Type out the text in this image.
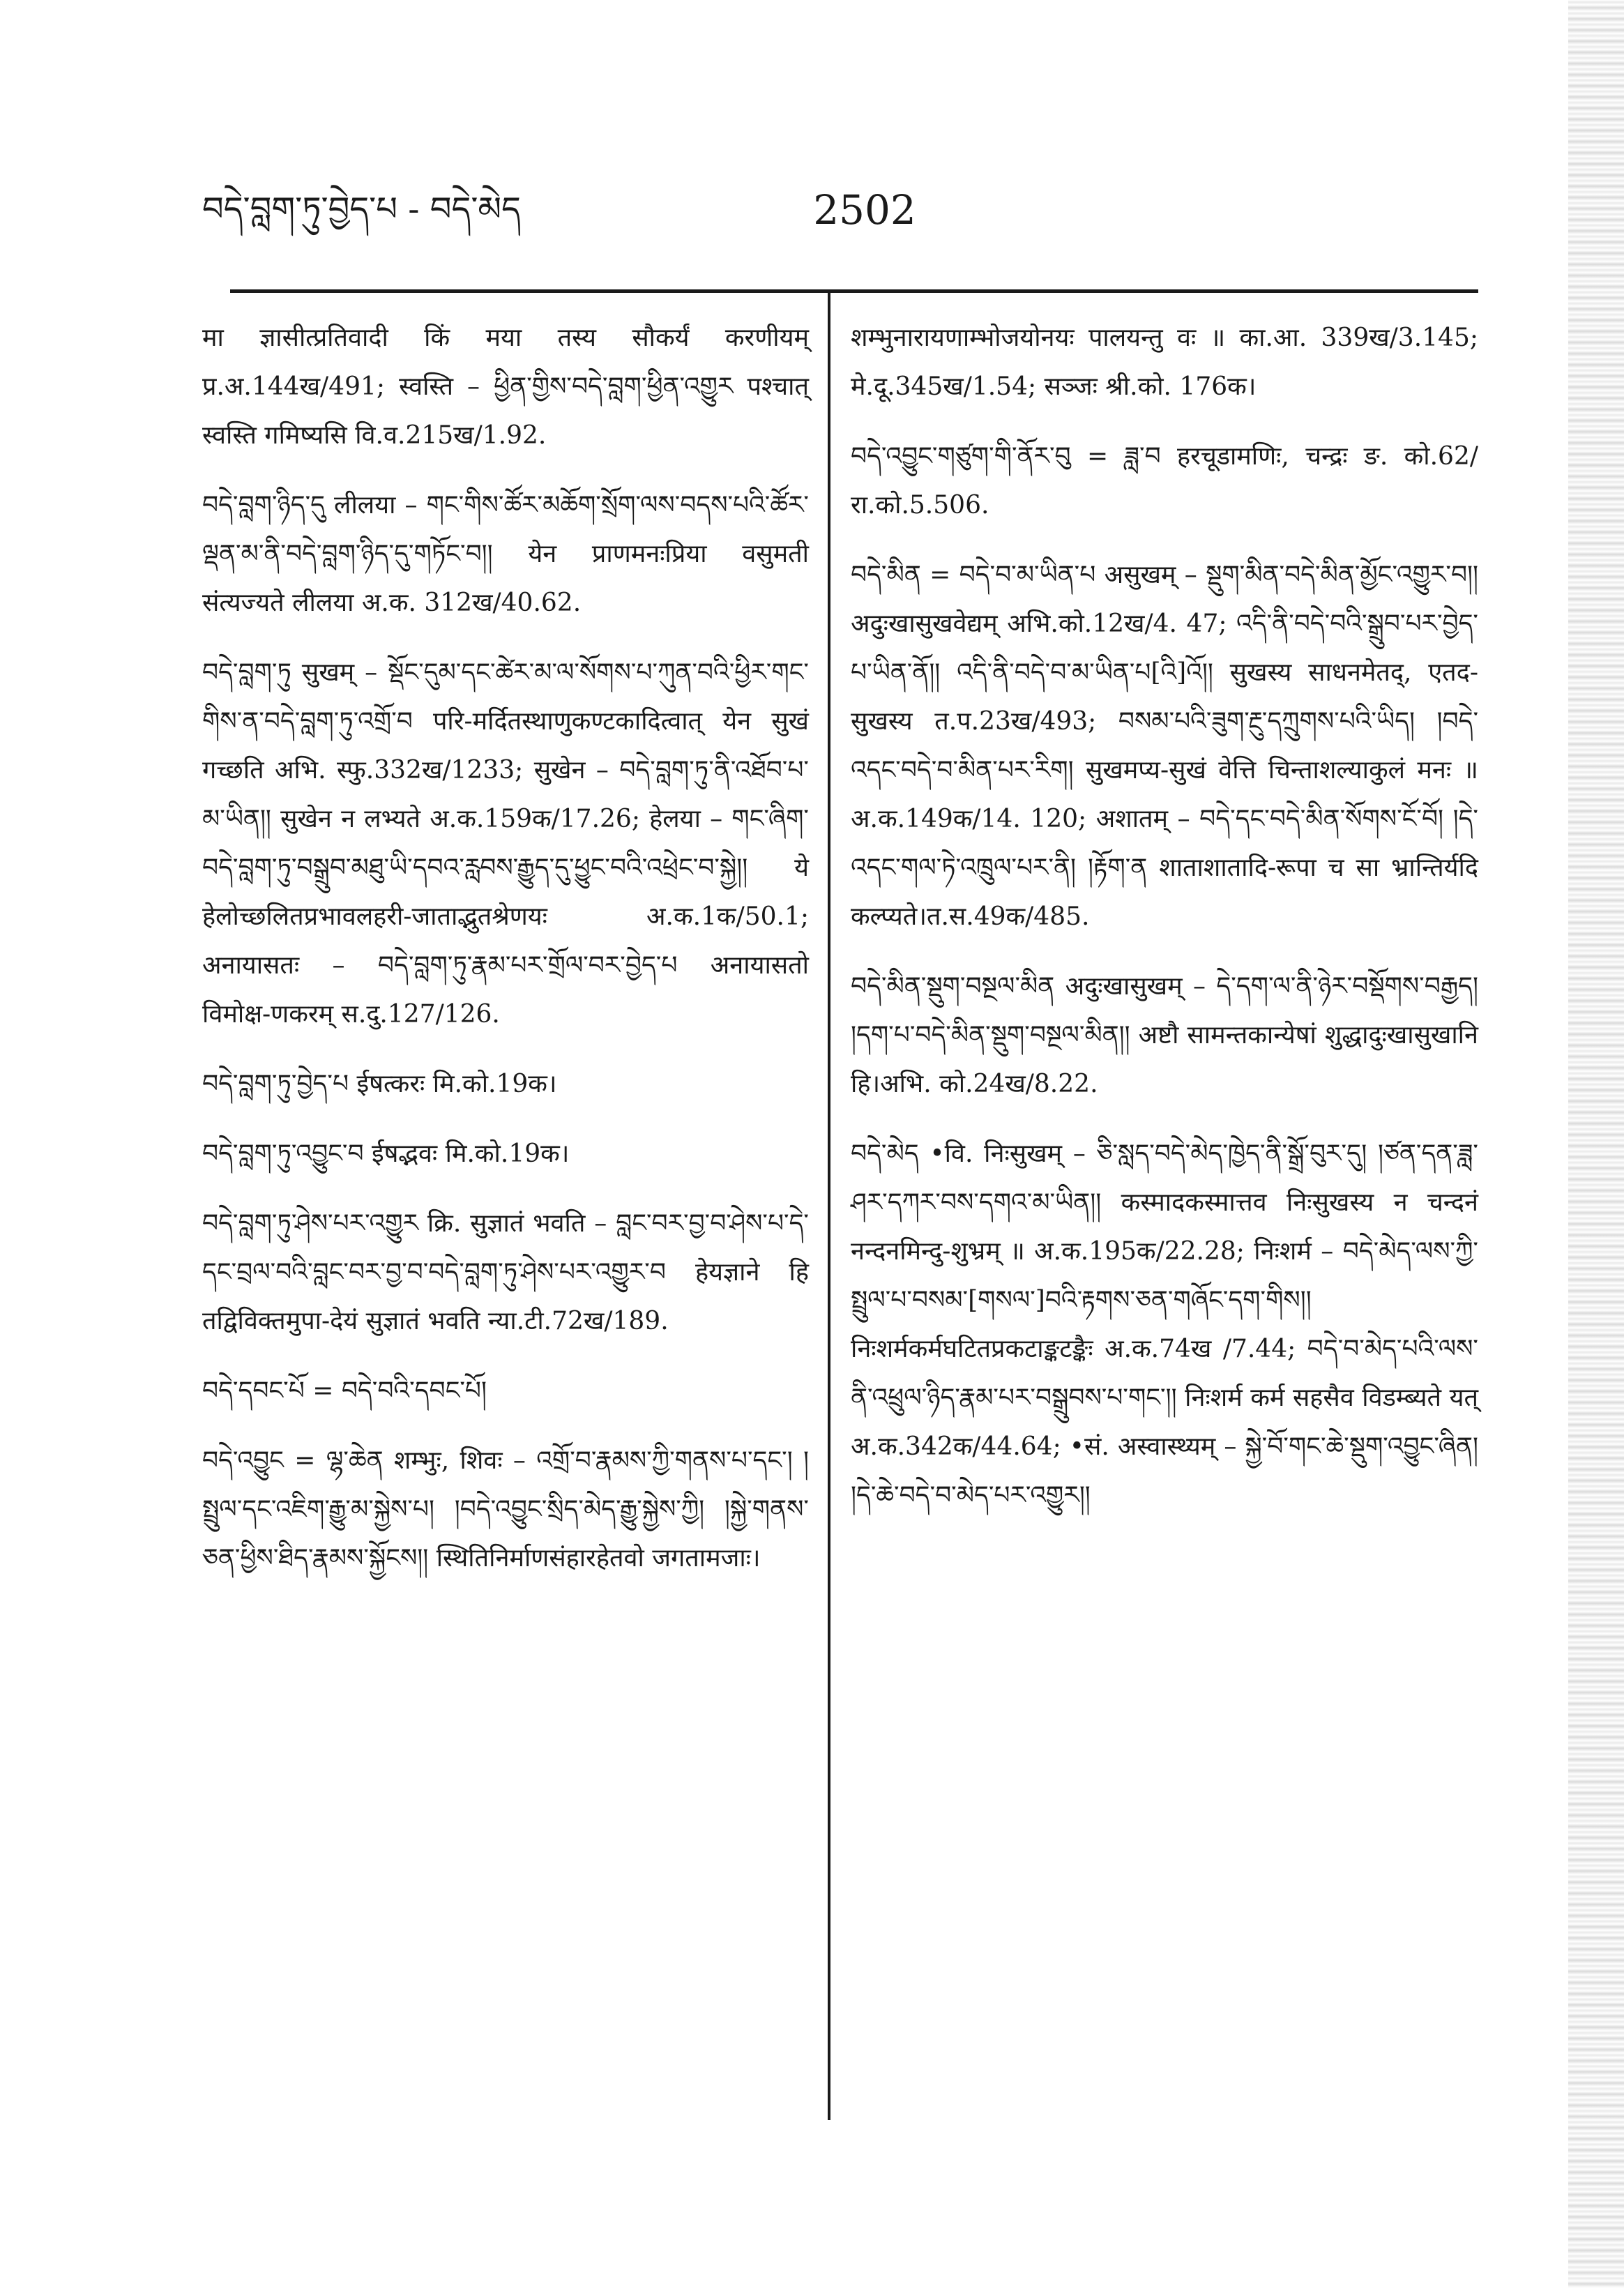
བདེ་བླག་ཏུ་བྱེད་པ - བདེ་མེད	2502

मा ज्ञासीत्प्रतिवादी किं मया तस्य सौकर्यं करणीयम् प्र.अ.144ख/491; स्वस्ति – ཕྱིན་གྱིས་བདེ་བླག་ཕྱིན་འགྱུར पश्चात् स्वस्ति गमिष्यसि वि.व.215ख/1.92.

བདེ་བླག་ཉིད་དུ लीलया – གང་གིས་ཚོར་མཆོག་སྲོག་ལས་བདས་པའི་ཚོར་ལྡན་མ་ནི་བདེ་བླག་ཉིད་དུ་གཏོང་བ།། येन प्राणमनःप्रिया वसुमती संत्यज्यते लीलया अ.क. 312ख/40.62.

བདེ་བླག་ཏུ सुखम् – སྡོང་དུམ་དང་ཚེར་མ་ལ་སོགས་པ་ཀུན་བའི་ཕྱིར་གང་གིས་ན་བདེ་བླག་ཏུ་འགྲོ་བ परि-मर्दितस्थाणुकण्टकादित्वात् येन सुखं गच्छति अभि. स्फु.332ख/1233; सुखेन – བདེ་བླག་ཏུ་ནི་འཐོབ་པ་མ་ཡིན།། सुखेन न लभ्यते अ.क.159क/17.26; हेलया – གང་ཞིག་བདེ་བླག་ཏུ་བསྒྲུབ་མཐུ་ཡི་དབའ་རླབས་རྒྱུད་དུ་ཕྱུང་བའི་འཕྲེང་བ་སྐྱེ།། ये हेलोच्छलितप्रभावलहरी-जाताद्भुतश्रेणयः अ.क.1क/50.1; अनायासतः – བདེ་བླག་ཏུ་རྣམ་པར་གྲོལ་བར་བྱེད་པ अनायासतो विमोक्ष-णकरम् स.दु.127/126.

བདེ་བླག་ཏུ་བྱེད་པ ईषत्करः मि.को.19क।

བདེ་བླག་ཏུ་འབྱུང་བ ईषद्भवः मि.को.19क।

བདེ་བླག་ཏུ་ཤེས་པར་འགྱུར क्रि. सुज्ञातं भवति – བླང་བར་བྱ་བ་ཤེས་པ་དེ་དང་བྲལ་བའི་བླང་བར་བྱ་བ་བདེ་བླག་ཏུ་ཤེས་པར་འགྱུར་བ हेयज्ञाने हि तद्विविक्तमुपा-देयं सुज्ञातं भवति न्या.टी.72ख/189.

བདེ་དབང་པོ = བདེ་བའི་དབང་པོ།

བདེ་འབྱུང = ལྷ་ཆེན शम्भुः, शिवः – འགྲོ་བ་རྣམས་ཀྱི་གནས་པ་དང་། །སྤྲུལ་དང་འཇིག་རྒྱུ་མ་སྐྱེས་པ། །བདེ་འབྱུང་སྲིད་མེད་རྒྱུ་སྐྱེས་ཀྱི། །སྐྱེ་གནས་ཅན་ཕྱིས་ཐིད་རྣམས་སྐྱོངས།། स्थितिनिर्माणसंहारहेतवो जगतामजाः।

शम्भुनारायणाम्भोजयोनयः पालयन्तु वः ॥ का.आ. 339ख/3.145; मे.दू.345ख/1.54; सञ्जः श्री.को. 176क।

བདེ་འབྱུང་གཙུག་གི་ནོར་བུ = ཟླ་བ हरचूडामणिः, चन्द्रः ङ. को.62/रा.को.5.506.

བདེ་མིན = བདེ་བ་མ་ཡིན་པ असुखम् – སྡུག་མིན་བདེ་མིན་མྱོང་འགྱུར་བ།། अदुःखासुखवेद्यम् अभि.को.12ख/4. 47; འདི་ནི་བདེ་བའི་སྒྲུབ་པར་བྱེད་པ་ཡིན་ནོ།། འདི་ནི་བདེ་བ་མ་ཡིན་པ[འི]འོ།། सुखस्य साधनमेतद्, एतद-सुखस्य त.प.23ख/493; བསམ་པའི་ཟུག་རྔུ་དཀྲུགས་པའི་ཡིད། །བདེ་འདང་བདེ་བ་མིན་པར་རིག། सुखमप्य-सुखं वेत्ति चिन्ताशल्याकुलं मनः ॥ अ.क.149क/14. 120; अशातम् – བདེ་དང་བདེ་མིན་སོགས་ངོ་བོ། །དེ་འདང་གལ་ཏེ་འཁྲུལ་པར་ནི། །རྟོག་ན शाताशातादि-रूपा च सा भ्रान्तिर्यदि कल्प्यते।त.स.49क/485.

བདེ་མིན་སྡུག་བསྔལ་མིན अदुःखासुखम् – དེ་དག་ལ་ནི་ཉེར་བསྡོགས་བརྒྱད། །དག་པ་བདེ་མིན་སྡུག་བསྔལ་མིན།། अष्टौ सामन्तकान्येषां शुद्धादुःखासुखानि हि।अभि. को.24ख/8.22.

བདེ་མེད •वि. निःसुखम् – ཅི་སླད་བདེ་མེད་ཁྱེད་ནི་སྒྲོ་བུར་དུ། །ཙན་དན་ཟླ་ཤར་དཀར་བས་དགའ་མ་ཡིན།། कस्मादकस्मात्तव निःसुखस्य न चन्दनं नन्दनमिन्दु-शुभ्रम् ॥ अ.क.195क/22.28; निःशर्म – བདེ་མེད་ལས་ཀྱི་སྤྲུལ་པ་བསམ་[གསལ་]བའི་རྟགས་ཅན་གཞོང་དག་གིས།། निःशर्मकर्मघटितप्रकटाङ्कटङ्कैः अ.क.74ख /7.44; བདེ་བ་མེད་པའི་ལས་ནི་འཕྲུལ་ཉིད་རྣམ་པར་བསྒྲུབས་པ་གང་།། निःशर्म कर्म सहसैव विडम्ब्यते यत् अ.क.342क/44.64; •सं. अस्वास्थ्यम् – སྐྱེ་བོ་གང་ཆེ་སྡུག་འབྱུང་ཞིན། །དེ་ཆེ་བདེ་བ་མེད་པར་འགྱུར།།
